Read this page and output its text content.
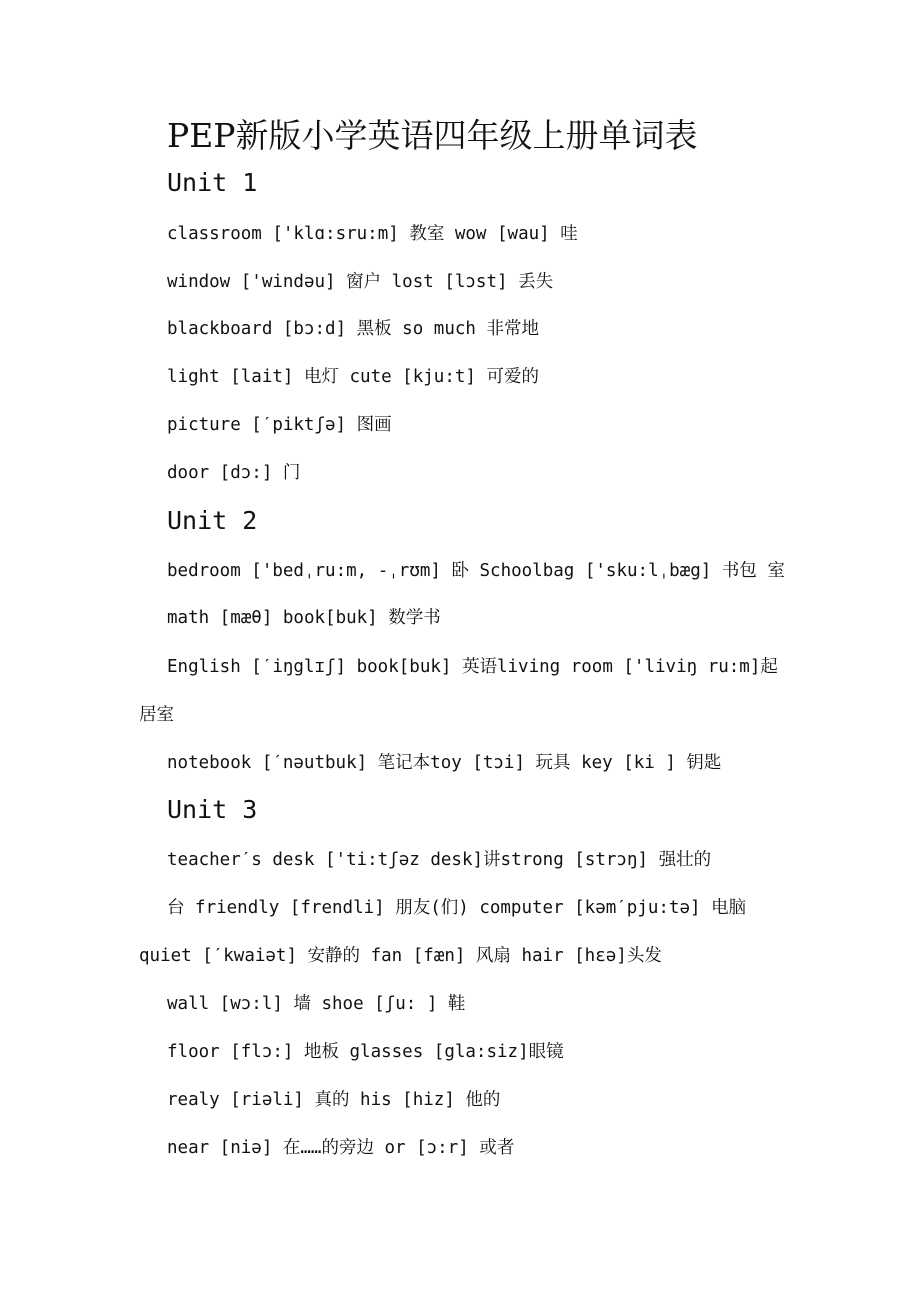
PEP新版小学英语四年级上册单词表
Unit 1
classroom ['klɑ:sru:m] 教室 wow [wau] 哇
window ['windəu] 窗户 lost [lɔst] 丢失
blackboard [bɔ:d] 黑板 so much 非常地
light [lait] 电灯 cute [kju:t] 可爱的
picture [ˊpiktʃə] 图画
door [dɔ:] 门
Unit 2
bedroom ['bedˌru:m, -ˌrʊm] 卧 Schoolbag ['sku:lˌbæg] 书包 室
math [mæθ] book[buk] 数学书
English [ˊiŋglɪʃ] book[buk] 英语living room ['liviŋ ru:m]起
居室
notebook [ˊnəutbuk] 笔记本toy [tɔi] 玩具 key [ki ] 钥匙
Unit 3
teacherˊs desk ['ti:tʃəz desk]讲strong [strɔŋ] 强壮的
台 friendly [frendli] 朋友(们) computer [kəmˊpju:tə] 电脑
quiet [ˊkwaiət] 安静的 fan [fæn] 风扇 hair [hɛə]头发
wall [wɔ:l] 墙 shoe [ʃu: ] 鞋
floor [flɔ:] 地板 glasses [gla:siz]眼镜
realy [riəli] 真的 his [hiz] 他的
near [niə] 在……的旁边 or [ɔ:r] 或者
